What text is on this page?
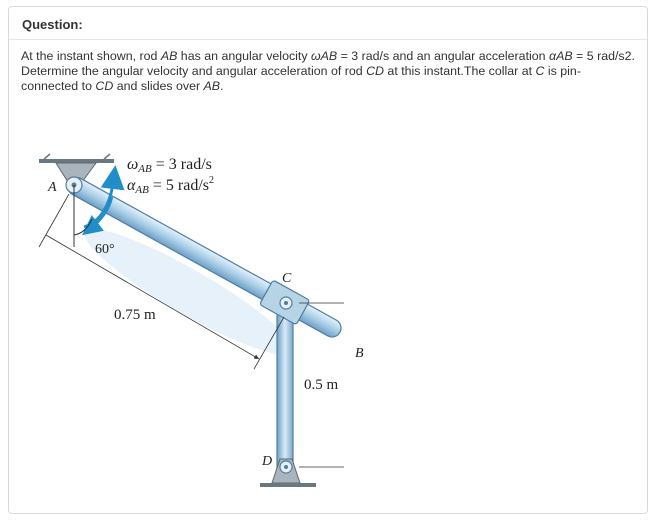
Question:
At the instant shown, rod AB has an angular velocity ωAB = 3 rad/s and an angular acceleration αAB = 5 rad/s2. Determine the angular velocity and angular acceleration of rod CD at this instant.The collar at C is pin-connected to CD and slides over AB.
A
B
C
D
ωAB = 3 rad/s
αAB = 5 rad/$s^2$
60°
0.75 m
0.5 m
